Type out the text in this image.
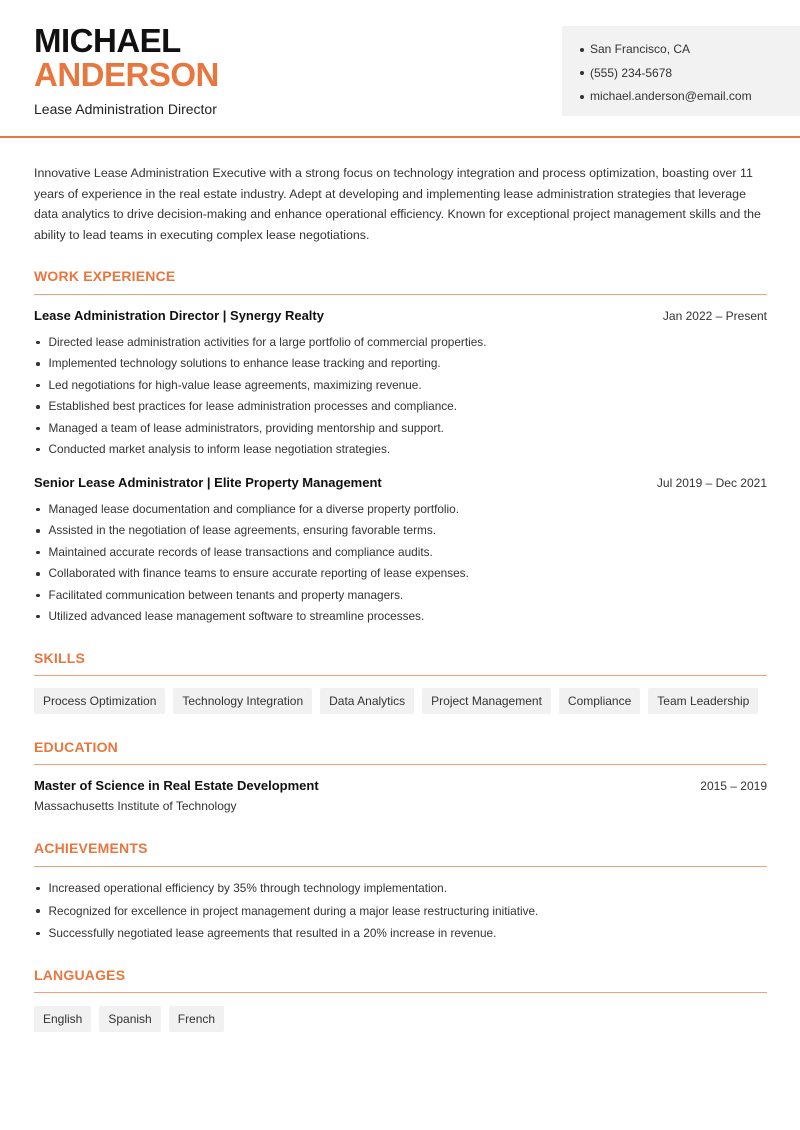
MICHAEL
ANDERSON
Lease Administration Director
San Francisco, CA
(555) 234-5678
michael.anderson@email.com

Innovative Lease Administration Executive with a strong focus on technology integration and process optimization, boasting over 11 years of experience in the real estate industry. Adept at developing and implementing lease administration strategies that leverage data analytics to drive decision-making and enhance operational efficiency. Known for exceptional project management skills and the ability to lead teams in executing complex lease negotiations.

WORK EXPERIENCE
Lease Administration Director | Synergy Realty	Jan 2022 – Present
Directed lease administration activities for a large portfolio of commercial properties.
Implemented technology solutions to enhance lease tracking and reporting.
Led negotiations for high-value lease agreements, maximizing revenue.
Established best practices for lease administration processes and compliance.
Managed a team of lease administrators, providing mentorship and support.
Conducted market analysis to inform lease negotiation strategies.
Senior Lease Administrator | Elite Property Management	Jul 2019 – Dec 2021
Managed lease documentation and compliance for a diverse property portfolio.
Assisted in the negotiation of lease agreements, ensuring favorable terms.
Maintained accurate records of lease transactions and compliance audits.
Collaborated with finance teams to ensure accurate reporting of lease expenses.
Facilitated communication between tenants and property managers.
Utilized advanced lease management software to streamline processes.
SKILLS
Process Optimization	Technology Integration	Data Analytics	Project Management	Compliance	Team Leadership
EDUCATION
Master of Science in Real Estate Development	2015 – 2019
Massachusetts Institute of Technology
ACHIEVEMENTS
Increased operational efficiency by 35% through technology implementation.
Recognized for excellence in project management during a major lease restructuring initiative.
Successfully negotiated lease agreements that resulted in a 20% increase in revenue.
LANGUAGES
English	Spanish	French
